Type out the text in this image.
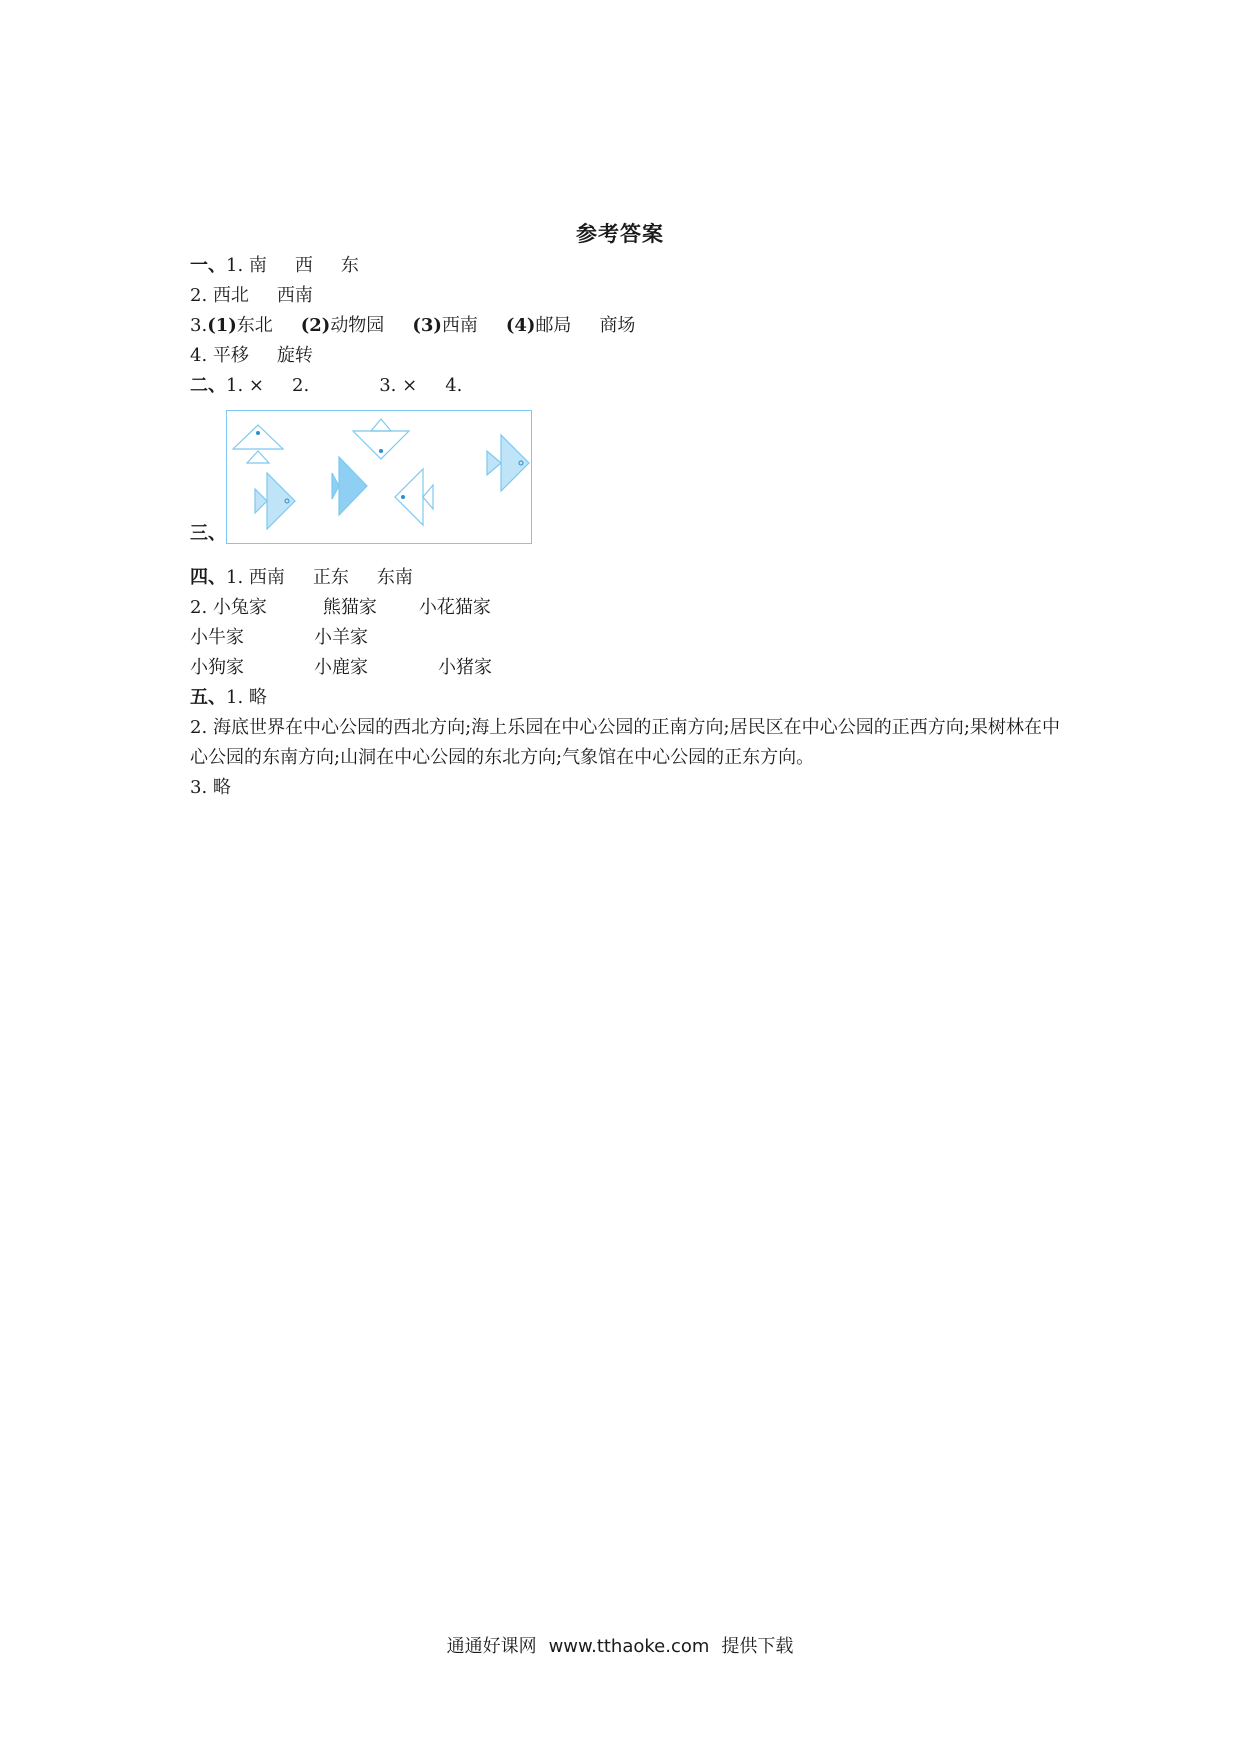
参考答案
一、1. 南 西 东
2. 西北 西南
3.(1)东北 (2)动物园 (3)西南 (4)邮局 商场
4. 平移 旋转
二、1. × 2.	3. × 4.
三、
四、1. 西南 正东 东南
2. 小兔家	熊猫家 小花猫家
小牛家	小羊家
小狗家	小鹿家	小猪家
五、1. 略
2. 海底世界在中心公园的西北方向;海上乐园在中心公园的正南方向;居民区在中心公园的正西方向;果树林在中心公园的东南方向;山洞在中心公园的东北方向;气象馆在中心公园的正东方向。
3. 略
通通好课网 www.tthaoke.com 提供下载
